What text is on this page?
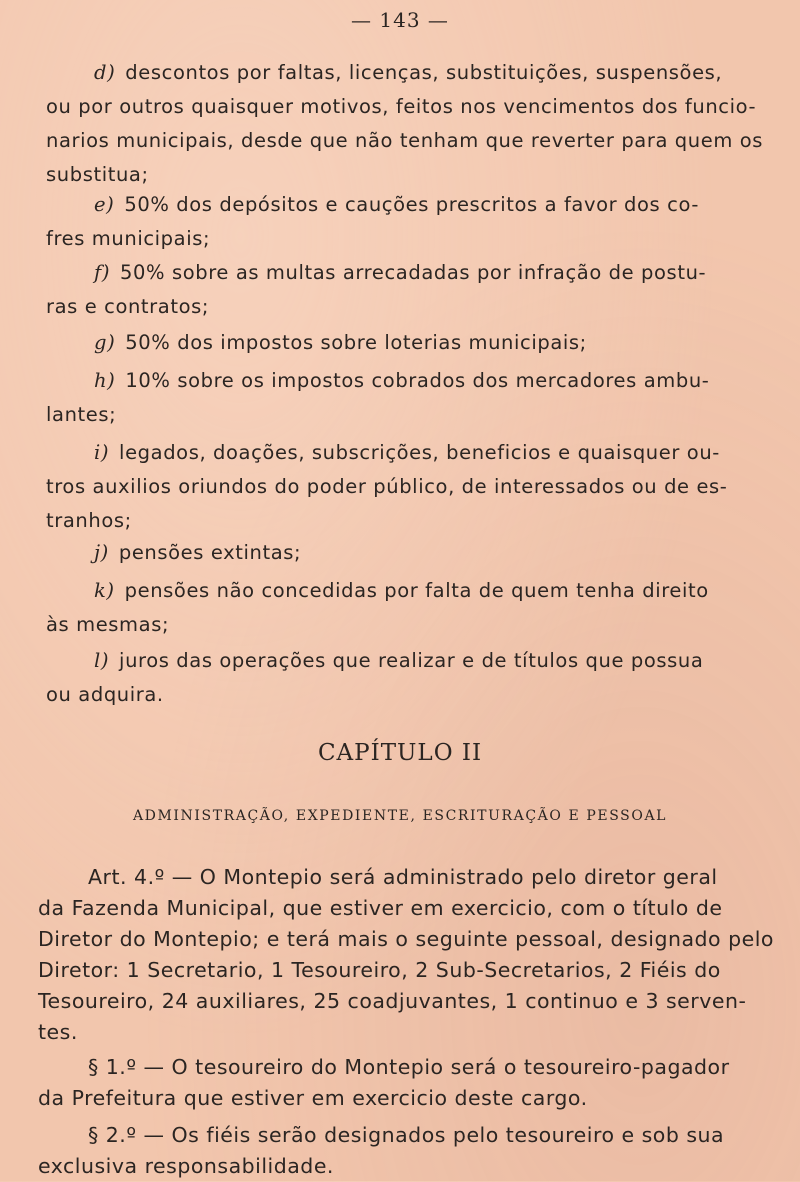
— 143 —
d) descontos por faltas, licenças, substituições, suspensões,
ou por outros quaisquer motivos, feitos nos vencimentos dos funcio-
narios municipais, desde que não tenham que reverter para quem os
substitua;
e) 50% dos depósitos e cauções prescritos a favor dos co-
fres municipais;
f) 50% sobre as multas arrecadadas por infração de postu-
ras e contratos;
g) 50% dos impostos sobre loterias municipais;
h) 10% sobre os impostos cobrados dos mercadores ambu-
lantes;
i) legados, doações, subscrições, beneficios e quaisquer ou-
tros auxilios oriundos do poder público, de interessados ou de es-
tranhos;
j) pensões extintas;
k) pensões não concedidas por falta de quem tenha direito
às mesmas;
l) juros das operações que realizar e de títulos que possua
ou adquira.
CAPÍTULO II
ADMINISTRAÇÃO, EXPEDIENTE, ESCRITURAÇÃO E PESSOAL
Art. 4.º — O Montepio será administrado pelo diretor geral
da Fazenda Municipal, que estiver em exercicio, com o título de
Diretor do Montepio; e terá mais o seguinte pessoal, designado pelo
Diretor: 1 Secretario, 1 Tesoureiro, 2 Sub-Secretarios, 2 Fiéis do
Tesoureiro, 24 auxiliares, 25 coadjuvantes, 1 continuo e 3 serven-
tes.
§ 1.º — O tesoureiro do Montepio será o tesoureiro-pagador
da Prefeitura que estiver em exercicio deste cargo.
§ 2.º — Os fiéis serão designados pelo tesoureiro e sob sua
exclusiva responsabilidade.
